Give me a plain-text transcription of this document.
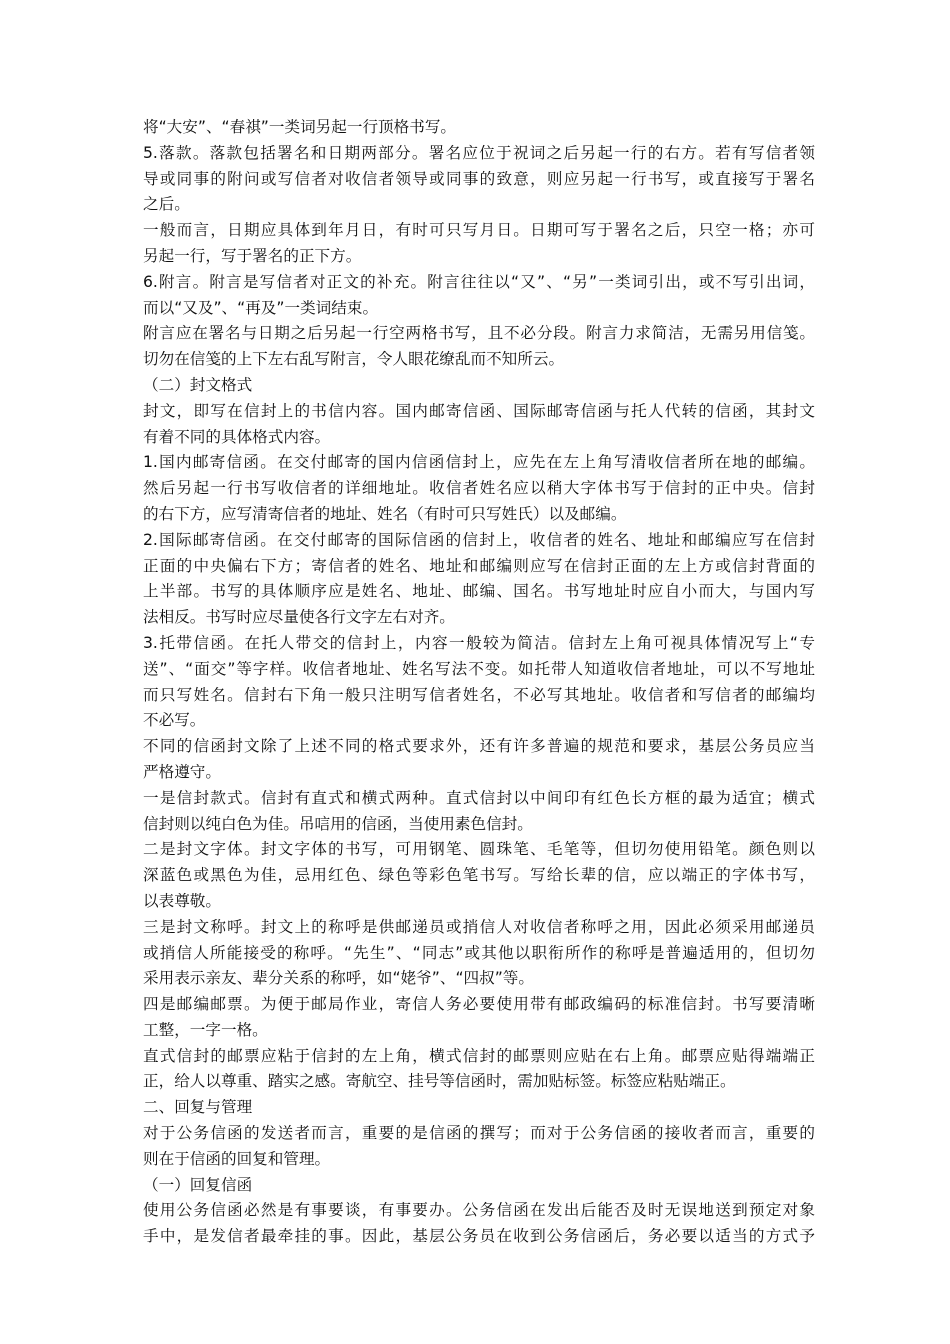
将“大安”、“春祺”一类词另起一行顶格书写。
5.落款。落款包括署名和日期两部分。署名应位于祝词之后另起一行的右方。若有写信者领
导或同事的附问或写信者对收信者领导或同事的致意，则应另起一行书写，或直接写于署名
之后。
一般而言，日期应具体到年月日，有时可只写月日。日期可写于署名之后，只空一格；亦可
另起一行，写于署名的正下方。
6.附言。附言是写信者对正文的补充。附言往往以“又”、“另”一类词引出，或不写引出词，
而以“又及”、“再及”一类词结束。
附言应在署名与日期之后另起一行空两格书写，且不必分段。附言力求简洁，无需另用信笺。
切勿在信笺的上下左右乱写附言，令人眼花缭乱而不知所云。
（二）封文格式
封文，即写在信封上的书信内容。国内邮寄信函、国际邮寄信函与托人代转的信函，其封文
有着不同的具体格式内容。
1.国内邮寄信函。在交付邮寄的国内信函信封上，应先在左上角写清收信者所在地的邮编。
然后另起一行书写收信者的详细地址。收信者姓名应以稍大字体书写于信封的正中央。信封
的右下方，应写清寄信者的地址、姓名（有时可只写姓氏）以及邮编。
2.国际邮寄信函。在交付邮寄的国际信函的信封上，收信者的姓名、地址和邮编应写在信封
正面的中央偏右下方；寄信者的姓名、地址和邮编则应写在信封正面的左上方或信封背面的
上半部。书写的具体顺序应是姓名、地址、邮编、国名。书写地址时应自小而大，与国内写
法相反。书写时应尽量使各行文字左右对齐。
3.托带信函。在托人带交的信封上，内容一般较为简洁。信封左上角可视具体情况写上“专
送”、“面交”等字样。收信者地址、姓名写法不变。如托带人知道收信者地址，可以不写地址
而只写姓名。信封右下角一般只注明写信者姓名，不必写其地址。收信者和写信者的邮编均
不必写。
不同的信函封文除了上述不同的格式要求外，还有许多普遍的规范和要求，基层公务员应当
严格遵守。
一是信封款式。信封有直式和横式两种。直式信封以中间印有红色长方框的最为适宜；横式
信封则以纯白色为佳。吊唁用的信函，当使用素色信封。
二是封文字体。封文字体的书写，可用钢笔、圆珠笔、毛笔等，但切勿使用铅笔。颜色则以
深蓝色或黑色为佳，忌用红色、绿色等彩色笔书写。写给长辈的信，应以端正的字体书写，
以表尊敬。
三是封文称呼。封文上的称呼是供邮递员或捎信人对收信者称呼之用，因此必须采用邮递员
或捎信人所能接受的称呼。“先生”、“同志”或其他以职衔所作的称呼是普遍适用的，但切勿
采用表示亲友、辈分关系的称呼，如“姥爷”、“四叔”等。
四是邮编邮票。为便于邮局作业，寄信人务必要使用带有邮政编码的标准信封。书写要清晰
工整，一字一格。
直式信封的邮票应粘于信封的左上角，横式信封的邮票则应贴在右上角。邮票应贴得端端正
正，给人以尊重、踏实之感。寄航空、挂号等信函时，需加贴标签。标签应粘贴端正。
二、回复与管理
对于公务信函的发送者而言，重要的是信函的撰写；而对于公务信函的接收者而言，重要的
则在于信函的回复和管理。
（一）回复信函
使用公务信函必然是有事要谈，有事要办。公务信函在发出后能否及时无误地送到预定对象
手中，是发信者最牵挂的事。因此，基层公务员在收到公务信函后，务必要以适当的方式予
